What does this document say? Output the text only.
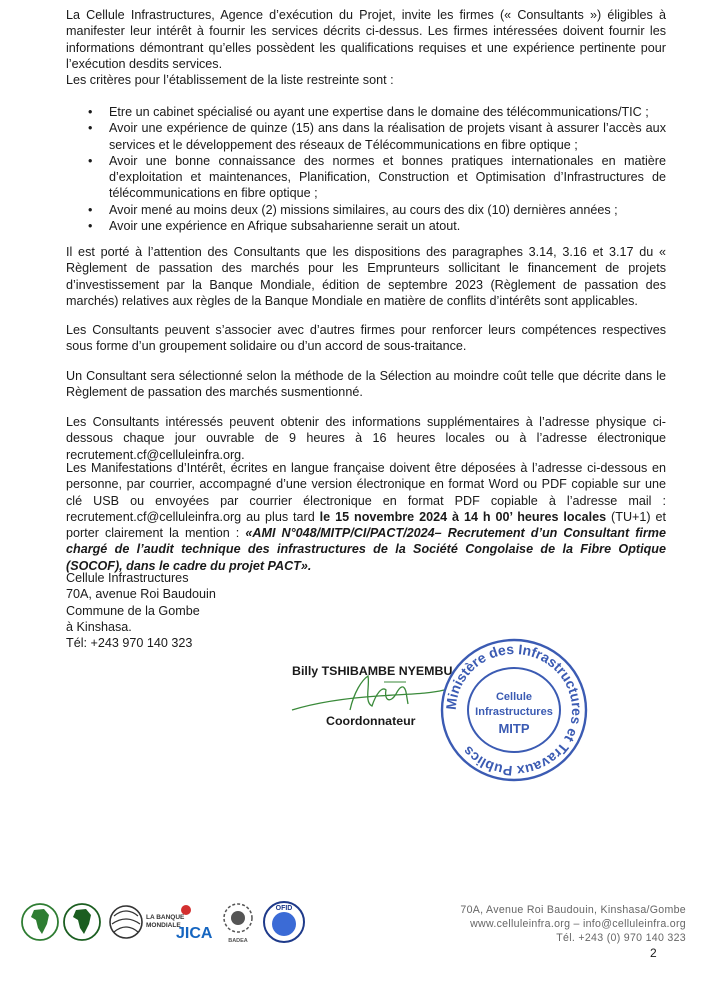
La Cellule Infrastructures, Agence d’exécution du Projet, invite les firmes (« Consultants ») éligibles à manifester leur intérêt à fournir les services décrits ci-dessus. Les firmes intéressées doivent fournir les informations démontrant qu’elles possèdent les qualifications requises et une expérience pertinente pour l’exécution desdits services.

Les critères pour l’établissement de la liste restreinte sont :

• Etre un cabinet spécialisé ou ayant une expertise dans le domaine des télécommunications/TIC ;
• Avoir une expérience de quinze (15) ans dans la réalisation de projets visant à assurer l’accès aux services et le développement des réseaux de Télécommunications en fibre optique ;
• Avoir une bonne connaissance des normes et bonnes pratiques internationales en matière d’exploitation et maintenances, Planification, Construction et Optimisation d’Infrastructures de télécommunications en fibre optique ;
• Avoir mené au moins deux (2) missions similaires, au cours des dix (10) dernières années ;
• Avoir une expérience en Afrique subsaharienne serait un atout.

Il est porté à l’attention des Consultants que les dispositions des paragraphes 3.14, 3.16 et 3.17 du « Règlement de passation des marchés pour les Emprunteurs sollicitant le financement de projets d’investissement par la Banque Mondiale, édition de septembre 2023 (Règlement de passation des marchés) relatives aux règles de la Banque Mondiale en matière de conflits d’intérêts sont applicables.

Les Consultants peuvent s’associer avec d’autres firmes pour renforcer leurs compétences respectives sous forme d’un groupement solidaire ou d’un accord de sous-traitance.

Un Consultant sera sélectionné selon la méthode de la Sélection au moindre coût telle que décrite dans le Règlement de passation des marchés susmentionné.

Les Consultants intéressés peuvent obtenir des informations supplémentaires à l’adresse physique ci-dessous chaque jour ouvrable de 9 heures à 16 heures locales ou à l’adresse électronique recrutement.cf@celluleinfra.org.

Les Manifestations d’Intérêt, écrites en langue française doivent être déposées à l’adresse ci-dessous en personne, par courrier, accompagné d’une version électronique en format Word ou PDF copiable sur une clé USB ou envoyées par courrier électronique en format PDF copiable à l’adresse mail : recrutement.cf@celluleinfra.org au plus tard le 15 novembre 2024 à 14 h 00’ heures locales (TU+1) et porter clairement la mention : «AMI N°048/MITP/CI/PACT/2024– Recrutement d’un Consultant firme chargé de l’audit technique des infrastructures de la Société Congolaise de la Fibre Optique (SOCOF), dans le cadre du projet PACT».

Cellule Infrastructures
70A, avenue Roi Baudouin
Commune de la Gombe
à Kinshasa.
Tél: +243 970 140 323
Billy TSHIBAMBE NYEMBU
Coordonnateur
Ministère des Infrastructures et Travaux Publics
Cellule
Infrastructures
MITP
LA BANQUE
MONDIALE
JICA	BADEA
OFID	70A, Avenue Roi Baudouin, Kinshasa/Gombe
www.celluleinfra.org – info@celluleinfra.org
Tél. +243 (0) 970 140 323
2
